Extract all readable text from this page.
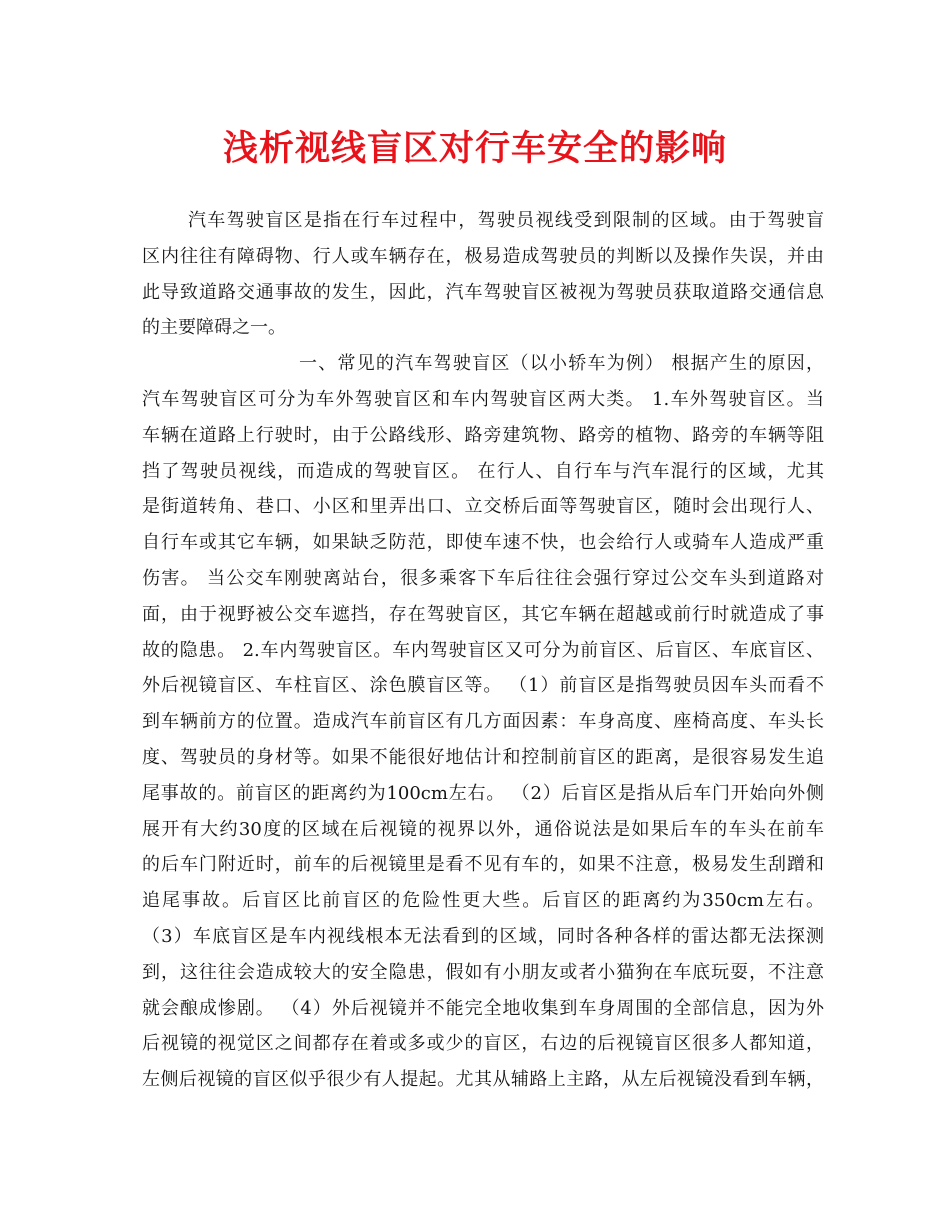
浅析视线盲区对行车安全的影响
汽车驾驶盲区是指在行车过程中，驾驶员视线受到限制的区域。由于驾驶盲
区内往往有障碍物、行人或车辆存在，极易造成驾驶员的判断以及操作失误，并由
此导致道路交通事故的发生，因此，汽车驾驶盲区被视为驾驶员获取道路交通信息
的主要障碍之一。
一、常见的汽车驾驶盲区（以小轿车为例） 根据产生的原因，
汽车驾驶盲区可分为车外驾驶盲区和车内驾驶盲区两大类。 1.车外驾驶盲区。当
车辆在道路上行驶时，由于公路线形、路旁建筑物、路旁的植物、路旁的车辆等阻
挡了驾驶员视线，而造成的驾驶盲区。 在行人、自行车与汽车混行的区域，尤其
是街道转角、巷口、小区和里弄出口、立交桥后面等驾驶盲区，随时会出现行人、
自行车或其它车辆，如果缺乏防范，即使车速不快，也会给行人或骑车人造成严重
伤害。 当公交车刚驶离站台，很多乘客下车后往往会强行穿过公交车头到道路对
面，由于视野被公交车遮挡，存在驾驶盲区，其它车辆在超越或前行时就造成了事
故的隐患。 2.车内驾驶盲区。车内驾驶盲区又可分为前盲区、后盲区、车底盲区、
外后视镜盲区、车柱盲区、涂色膜盲区等。 （1）前盲区是指驾驶员因车头而看不
到车辆前方的位置。造成汽车前盲区有几方面因素：车身高度、座椅高度、车头长
度、驾驶员的身材等。如果不能很好地估计和控制前盲区的距离，是很容易发生追
尾事故的。前盲区的距离约为100cm左右。 （2）后盲区是指从后车门开始向外侧
展开有大约30度的区域在后视镜的视界以外，通俗说法是如果后车的车头在前车
的后车门附近时，前车的后视镜里是看不见有车的，如果不注意，极易发生刮蹭和
追尾事故。后盲区比前盲区的危险性更大些。后盲区的距离约为350cm左右。
（3）车底盲区是车内视线根本无法看到的区域，同时各种各样的雷达都无法探测
到，这往往会造成较大的安全隐患，假如有小朋友或者小猫狗在车底玩耍，不注意
就会酿成惨剧。 （4）外后视镜并不能完全地收集到车身周围的全部信息，因为外
后视镜的视觉区之间都存在着或多或少的盲区，右边的后视镜盲区很多人都知道，
左侧后视镜的盲区似乎很少有人提起。尤其从辅路上主路，从左后视镜没看到车辆，
